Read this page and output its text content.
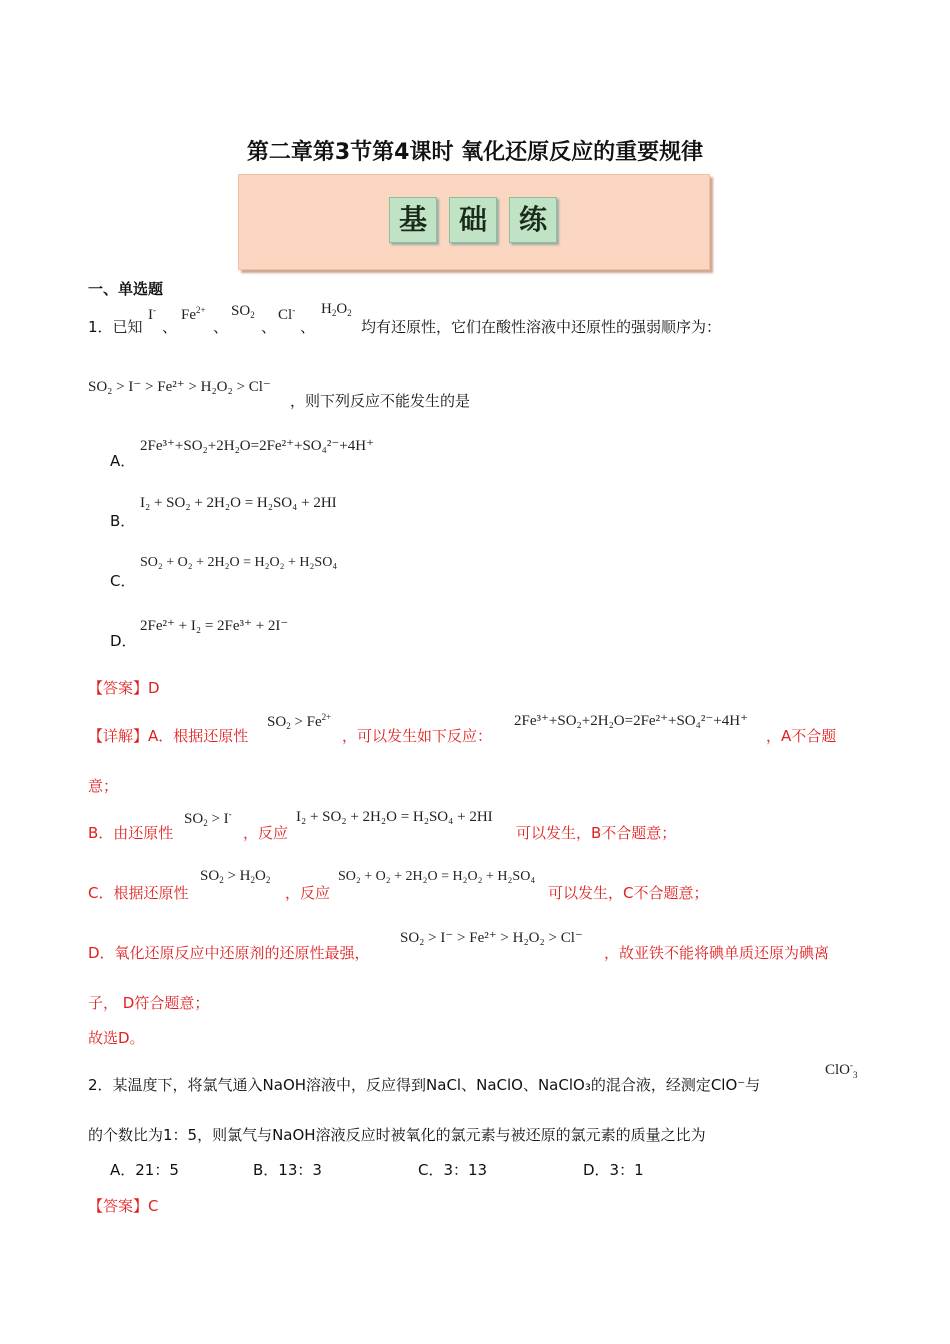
第二章第3节第4课时 氧化还原反应的重要规律
基	础	练
一、单选题
1．已知
I-
、
$Fe^{2+}$
、
$SO_2$
、
Cl-
、
$H_2O_2$
均有还原性，它们在酸性溶液中还原性的强弱顺序为：
SO₂ > I⁻ > Fe²⁺ > H₂O₂ > Cl⁻
，则下列反应不能发生的是
A．
2Fe³⁺+SO₂+2H₂O=2Fe²⁺+SO₄²⁻+4H⁺
B．
I₂ + SO₂ + 2H₂O = H₂SO₄ + 2HI
C．
SO₂ + O₂ + 2H₂O = H₂O₂ + H₂SO₄
D．
2Fe²⁺ + I₂ = 2Fe³⁺ + 2I⁻
【答案】D
【详解】A．根据还原性
$SO_2 > Fe^{2+}$
，可以发生如下反应：
2Fe³⁺+SO₂+2H₂O=2Fe²⁺+SO₄²⁻+4H⁺
，A不合题
意；
B．由还原性
$SO_2 > I^-$
，反应
I₂ + SO₂ + 2H₂O = H₂SO₄ + 2HI
可以发生，B不合题意；
C．根据还原性
$SO_2 > H_2O_2$
，反应
SO₂ + O₂ + 2H₂O = H₂O₂ + H₂SO₄
可以发生，C不合题意；
D．氧化还原反应中还原剂的还原性最强，
SO₂ > I⁻ > Fe²⁺ > H₂O₂ > Cl⁻
，故亚铁不能将碘单质还原为碘离
子， D符合题意；
故选D。
2．某温度下，将氯气通入NaOH溶液中，反应得到NaCl、NaClO、NaClO₃的混合液，经测定ClO⁻与
ClO-$_3$
的个数比为1：5，则氯气与NaOH溶液反应时被氧化的氯元素与被还原的氯元素的质量之比为
A．21：5	B．13：3	C．3：13	D．3：1
【答案】C
